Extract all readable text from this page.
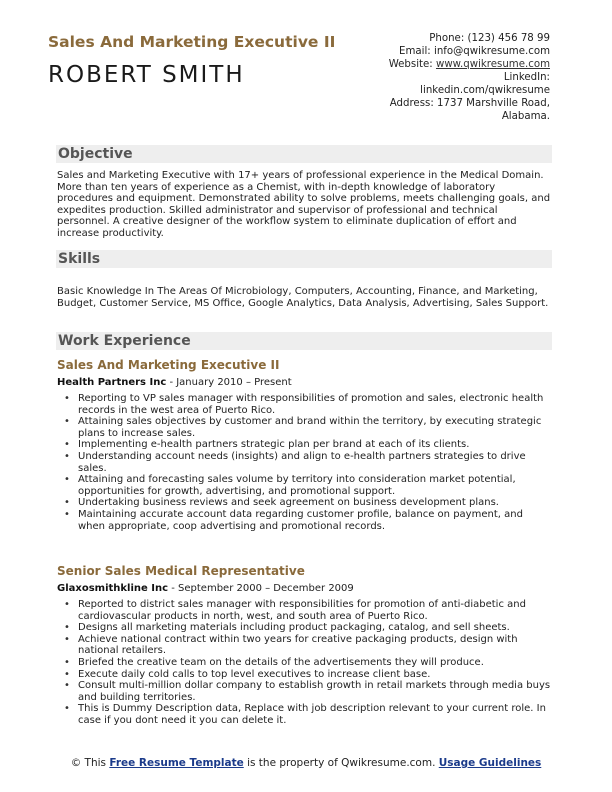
Sales And Marketing Executive II
ROBERT SMITH
Phone: (123) 456 78 99
Email: info@qwikresume.com
Website: www.qwikresume.com
LinkedIn:
linkedin.com/qwikresume
Address: 1737 Marshville Road,
Alabama.
Objective
Sales and Marketing Executive with 17+ years of professional experience in the Medical Domain. More than ten years of experience as a Chemist, with in-depth knowledge of laboratory procedures and equipment. Demonstrated ability to solve problems, meets challenging goals, and expedites production. Skilled administrator and supervisor of professional and technical personnel. A creative designer of the workflow system to eliminate duplication of effort and increase productivity.
Skills
Basic Knowledge In The Areas Of Microbiology, Computers, Accounting, Finance, and Marketing, Budget, Customer Service, MS Office, Google Analytics, Data Analysis, Advertising, Sales Support.
Work Experience
Sales And Marketing Executive II
Health Partners Inc - January 2010 – Present
• Reporting to VP sales manager with responsibilities of promotion and sales, electronic health records in the west area of Puerto Rico.
• Attaining sales objectives by customer and brand within the territory, by executing strategic plans to increase sales.
• Implementing e-health partners strategic plan per brand at each of its clients.
• Understanding account needs (insights) and align to e-health partners strategies to drive sales.
• Attaining and forecasting sales volume by territory into consideration market potential, opportunities for growth, advertising, and promotional support.
• Undertaking business reviews and seek agreement on business development plans.
• Maintaining accurate account data regarding customer profile, balance on payment, and when appropriate, coop advertising and promotional records.
Senior Sales Medical Representative
Glaxosmithkline Inc - September 2000 – December 2009
• Reported to district sales manager with responsibilities for promotion of anti-diabetic and cardiovascular products in north, west, and south area of Puerto Rico.
• Designs all marketing materials including product packaging, catalog, and sell sheets.
• Achieve national contract within two years for creative packaging products, design with national retailers.
• Briefed the creative team on the details of the advertisements they will produce.
• Execute daily cold calls to top level executives to increase client base.
• Consult multi-million dollar company to establish growth in retail markets through media buys and building territories.
• This is Dummy Description data, Replace with job description relevant to your current role. In case if you dont need it you can delete it.
© This Free Resume Template is the property of Qwikresume.com. Usage Guidelines
